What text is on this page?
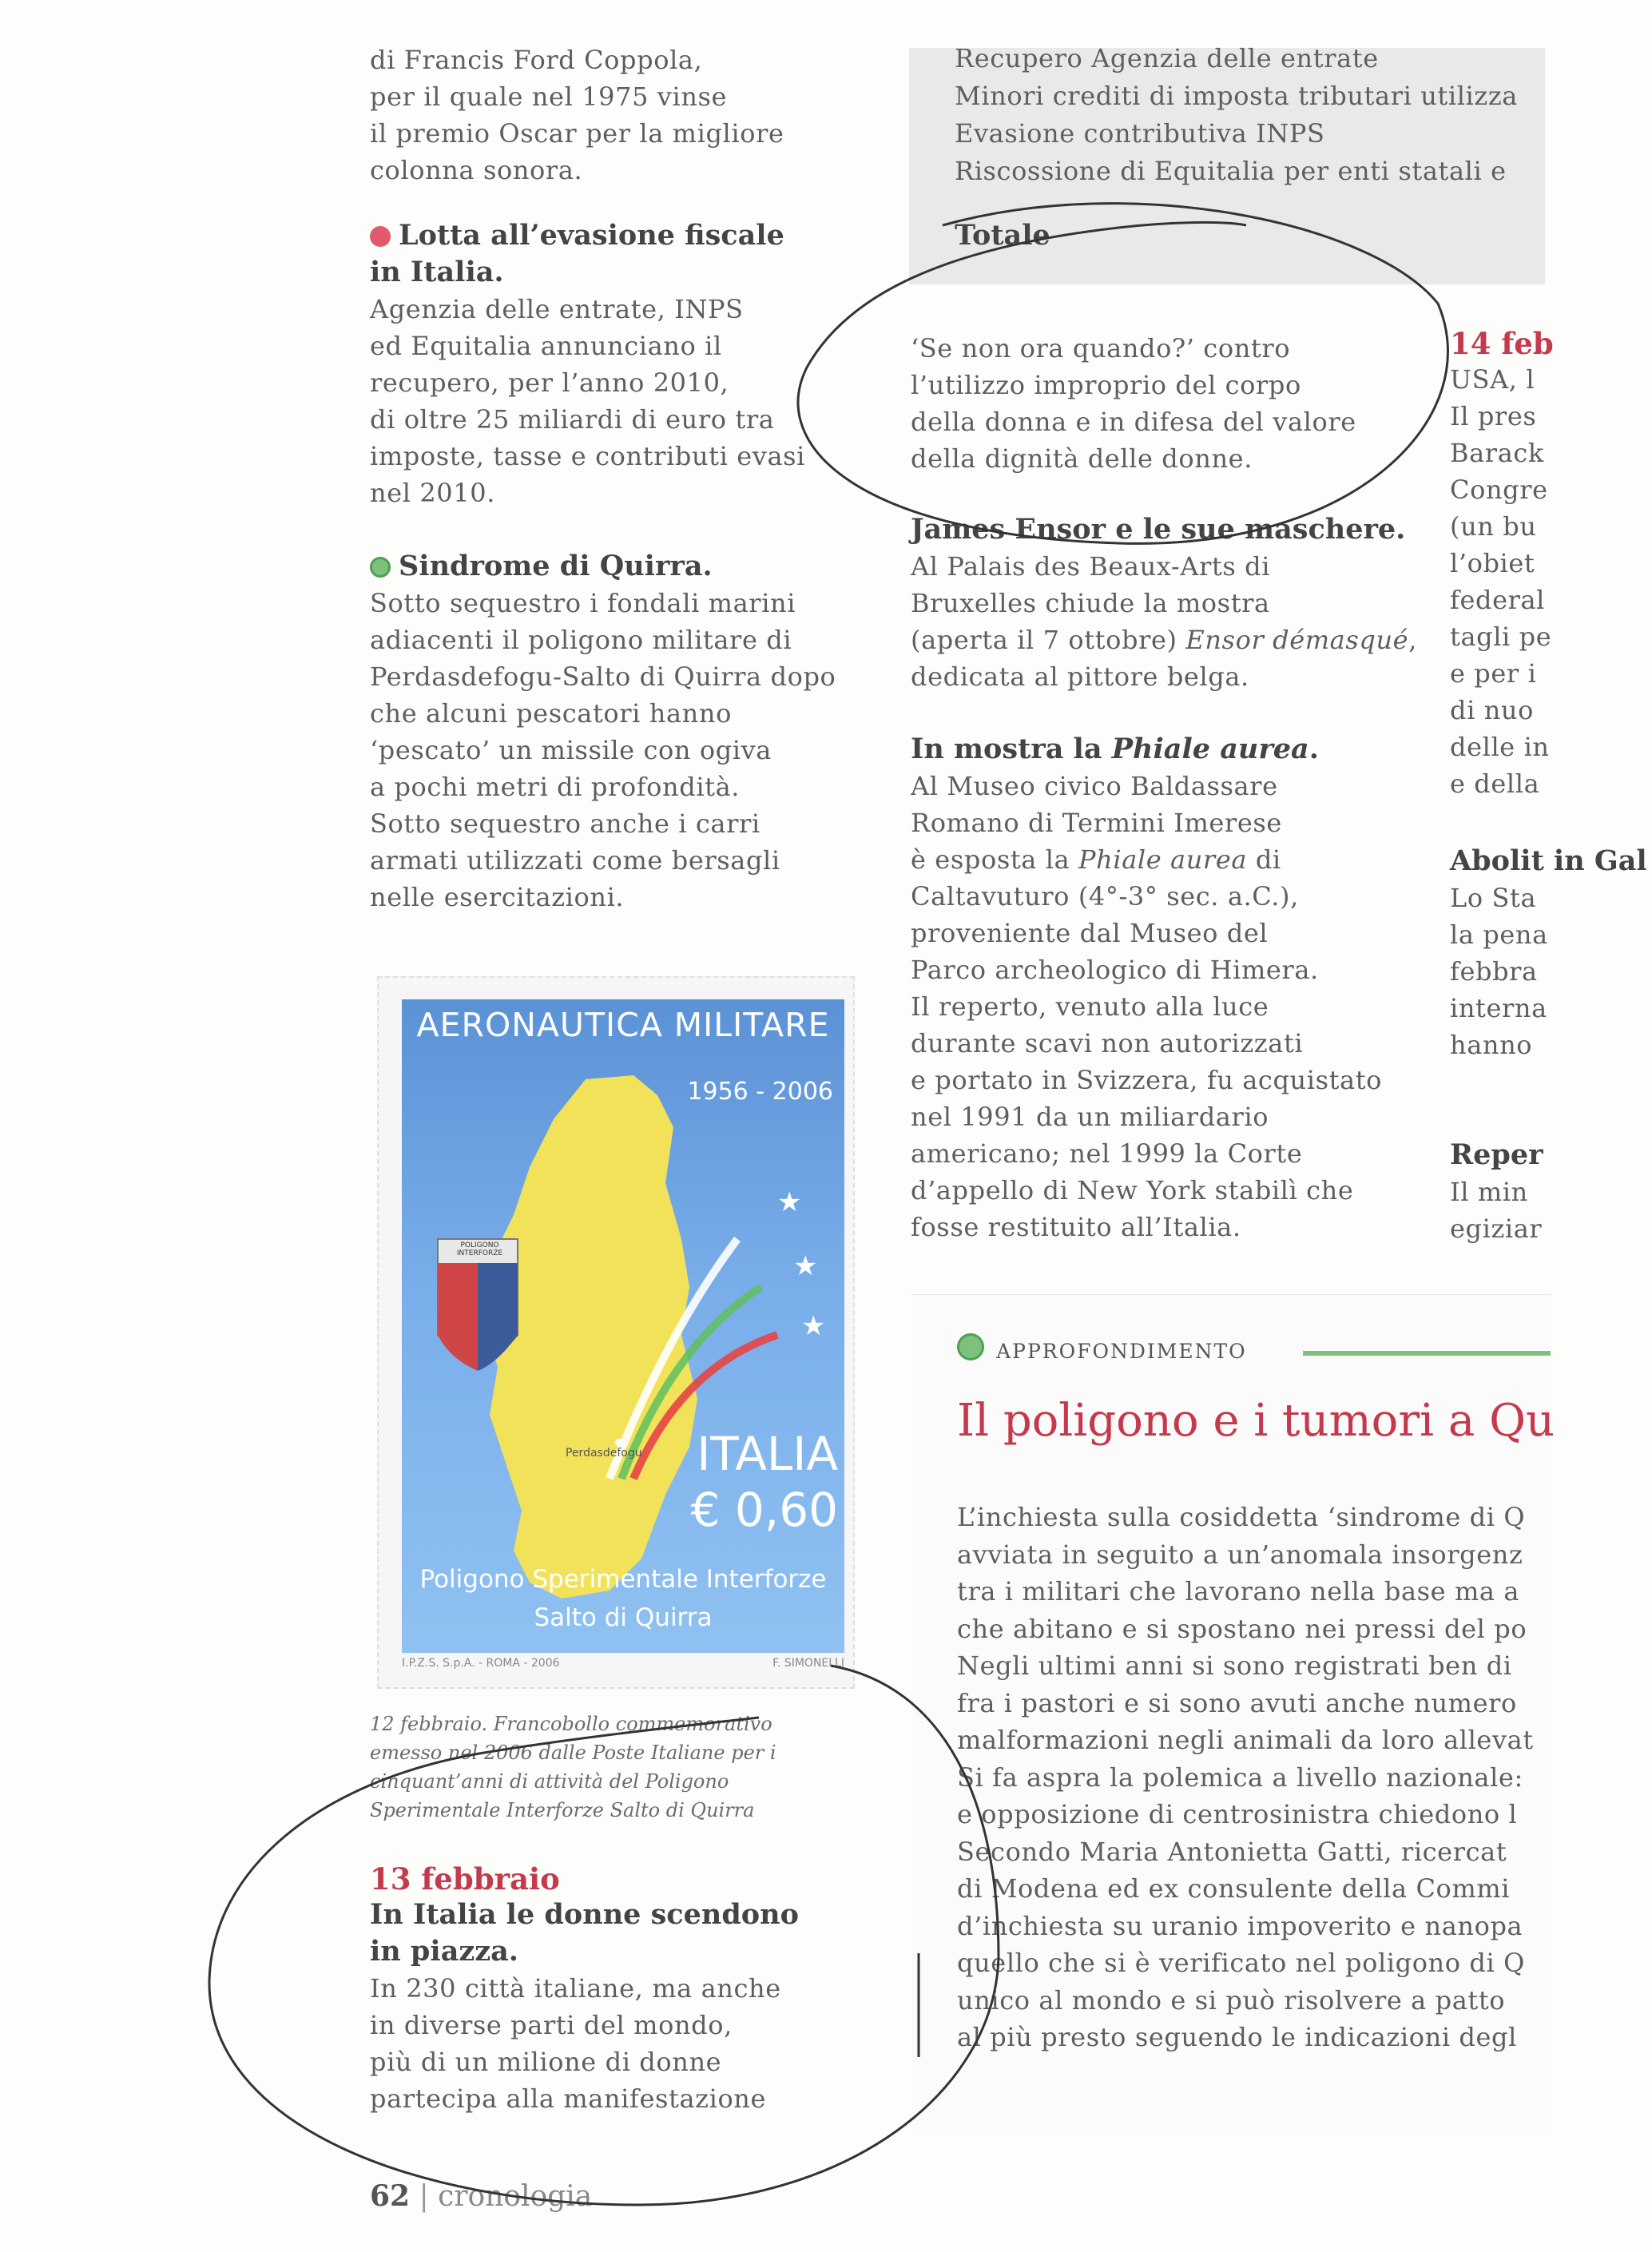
di Francis Ford Coppola,
per il quale nel 1975 vinse
il premio Oscar per la migliore
colonna sonora.
Lotta all’evasione fiscale
in Italia.
Agenzia delle entrate, INPS
ed Equitalia annunciano il
recupero, per l’anno 2010,
di oltre 25 miliardi di euro tra
imposte, tasse e contributi evasi
nel 2010.
Sindrome di Quirra.
Sotto sequestro i fondali marini
adiacenti il poligono militare di
Perdasdefogu-Salto di Quirra dopo
che alcuni pescatori hanno
‘pescato’ un missile con ogiva
a pochi metri di profondità.
Sotto sequestro anche i carri
armati utilizzati come bersagli
nelle esercitazioni.
★
★
★
AERONAUTICA MILITARE
1956 - 2006
POLIGONO
INTERFORZE
Perdasdefogu ITALIA
€ 0,60
Poligono Sperimentale Interforze
Salto di Quirra
I.P.Z.S. S.p.A. - ROMA - 2006	F. SIMONELLI
12 febbraio. Francobollo commemorativo
emesso nel 2006 dalle Poste Italiane per i
cinquant’anni di attività del Poligono
Sperimentale Interforze Salto di Quirra
13 febbraio
In Italia le donne scendono
in piazza.
In 230 città italiane, ma anche
in diverse parti del mondo,
più di un milione di donne
partecipa alla manifestazione
Recupero Agenzia delle entrate
Minori crediti di imposta tributari utilizza
Evasione contributiva INPS
Riscossione di Equitalia per enti statali e
Totale
‘Se non ora quando?’ contro
l’utilizzo improprio del corpo
della donna e in difesa del valore
della dignità delle donne.
James Ensor e le sue maschere.
Al Palais des Beaux-Arts di
Bruxelles chiude la mostra
(aperta il 7 ottobre) Ensor démasqué,
dedicata al pittore belga.
In mostra la Phiale aurea.
Al Museo civico Baldassare
Romano di Termini Imerese
è esposta la Phiale aurea di
Caltavuturo (4°-3° sec. a.C.),
proveniente dal Museo del
Parco archeologico di Himera.
Il reperto, venuto alla luce
durante scavi non autorizzati
e portato in Svizzera, fu acquistato
nel 1991 da un miliardario
americano; nel 1999 la Corte
d’appello di New York stabilì che
fosse restituito all’Italia.
APPROFONDIMENTO
Il poligono e i tumori a Qu
L’inchiesta sulla cosiddetta ‘sindrome di Q
avviata in seguito a un’anomala insorgenz
tra i militari che lavorano nella base ma a
che abitano e si spostano nei pressi del po
Negli ultimi anni si sono registrati ben di
fra i pastori e si sono avuti anche numero
malformazioni negli animali da loro allevat
Si fa aspra la polemica a livello nazionale:
e opposizione di centrosinistra chiedono l
Secondo Maria Antonietta Gatti, ricercat
di Modena ed ex consulente della Commi
d’inchiesta su uranio impoverito e nanopa
quello che si è verificato nel poligono di Q
unico al mondo e si può risolvere a patto
al più presto seguendo le indicazioni degl
14 feb
USA, l
Il pres
Barack
Congre
(un bu
l’obiet
federal
tagli pe
e per i
di nuo
delle in
e della
Abolit in Gal
Lo Sta
la pena
febbra
interna
hanno
Reper
Il min
egiziar
62 | cronologia
